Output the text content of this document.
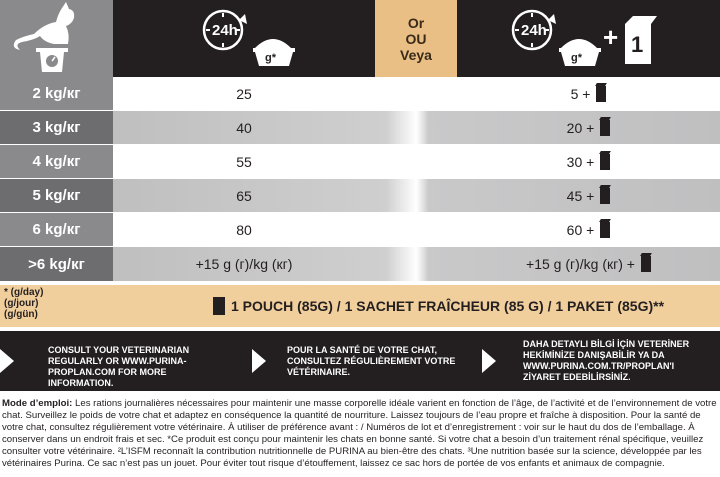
24h
g*
Or
OU
Veya
24h
g*
+ 1
2 kg/кг	25	5 +
3 kg/кг	40	20 +
4 kg/кг	55	30 +
5 kg/кг	65	45 +
6 kg/кг	80	60 +
>6 kg/кг	+15 g (г)/kg (кг)	+15 g (г)/kg (кг) +
* (g/day)
(g/jour)
(g/gün)
1 POUCH (85G) / 1 SACHET FRAÎCHEUR (85 G) / 1 PAKET (85G)**
CONSULT YOUR VETERINARIAN REGULARLY OR WWW.PURINA-PROPLAN.COM FOR MORE INFORMATION.
POUR LA SANTÉ DE VOTRE CHAT, CONSULTEZ RÉGULIÈREMENT VOTRE VÉTÉRINAIRE.
DAHA DETAYLI BİLGİ İÇİN VETERİNER HEKİMİNİZE DANIŞABİLİR YA DA WWW.PURINA.COM.TR/PROPLAN'I ZİYARET EDEBİLİRSİNİZ.
Mode d’emploi: Les rations journalières nécessaires pour maintenir une masse corporelle idéale varient en fonction de l’âge, de l’activité et de l’environnement de votre chat. Surveillez le poids de votre chat et adaptez en conséquence la quantité de nourriture. Laissez toujours de l’eau propre et fraîche à disposition. Pour la santé de votre chat, consultez régulièrement votre vétérinaire. À utiliser de préférence avant : / Numéros de lot et d’enregistrement : voir sur le haut du dos de l’emballage. À conserver dans un endroit frais et sec. *Ce produit est conçu pour maintenir les chats en bonne santé. Si votre chat a besoin d’un traitement rénal spécifique, veuillez consulter votre vétérinaire. ²L’ISFM reconnaît la contribution nutritionnelle de PURINA au bien-être des chats. ³Une nutrition basée sur la science, développée par les vétérinaires Purina. Ce sac n’est pas un jouet. Pour éviter tout risque d’étouffement, laissez ce sac hors de portée de vos enfants et animaux de compagnie.
